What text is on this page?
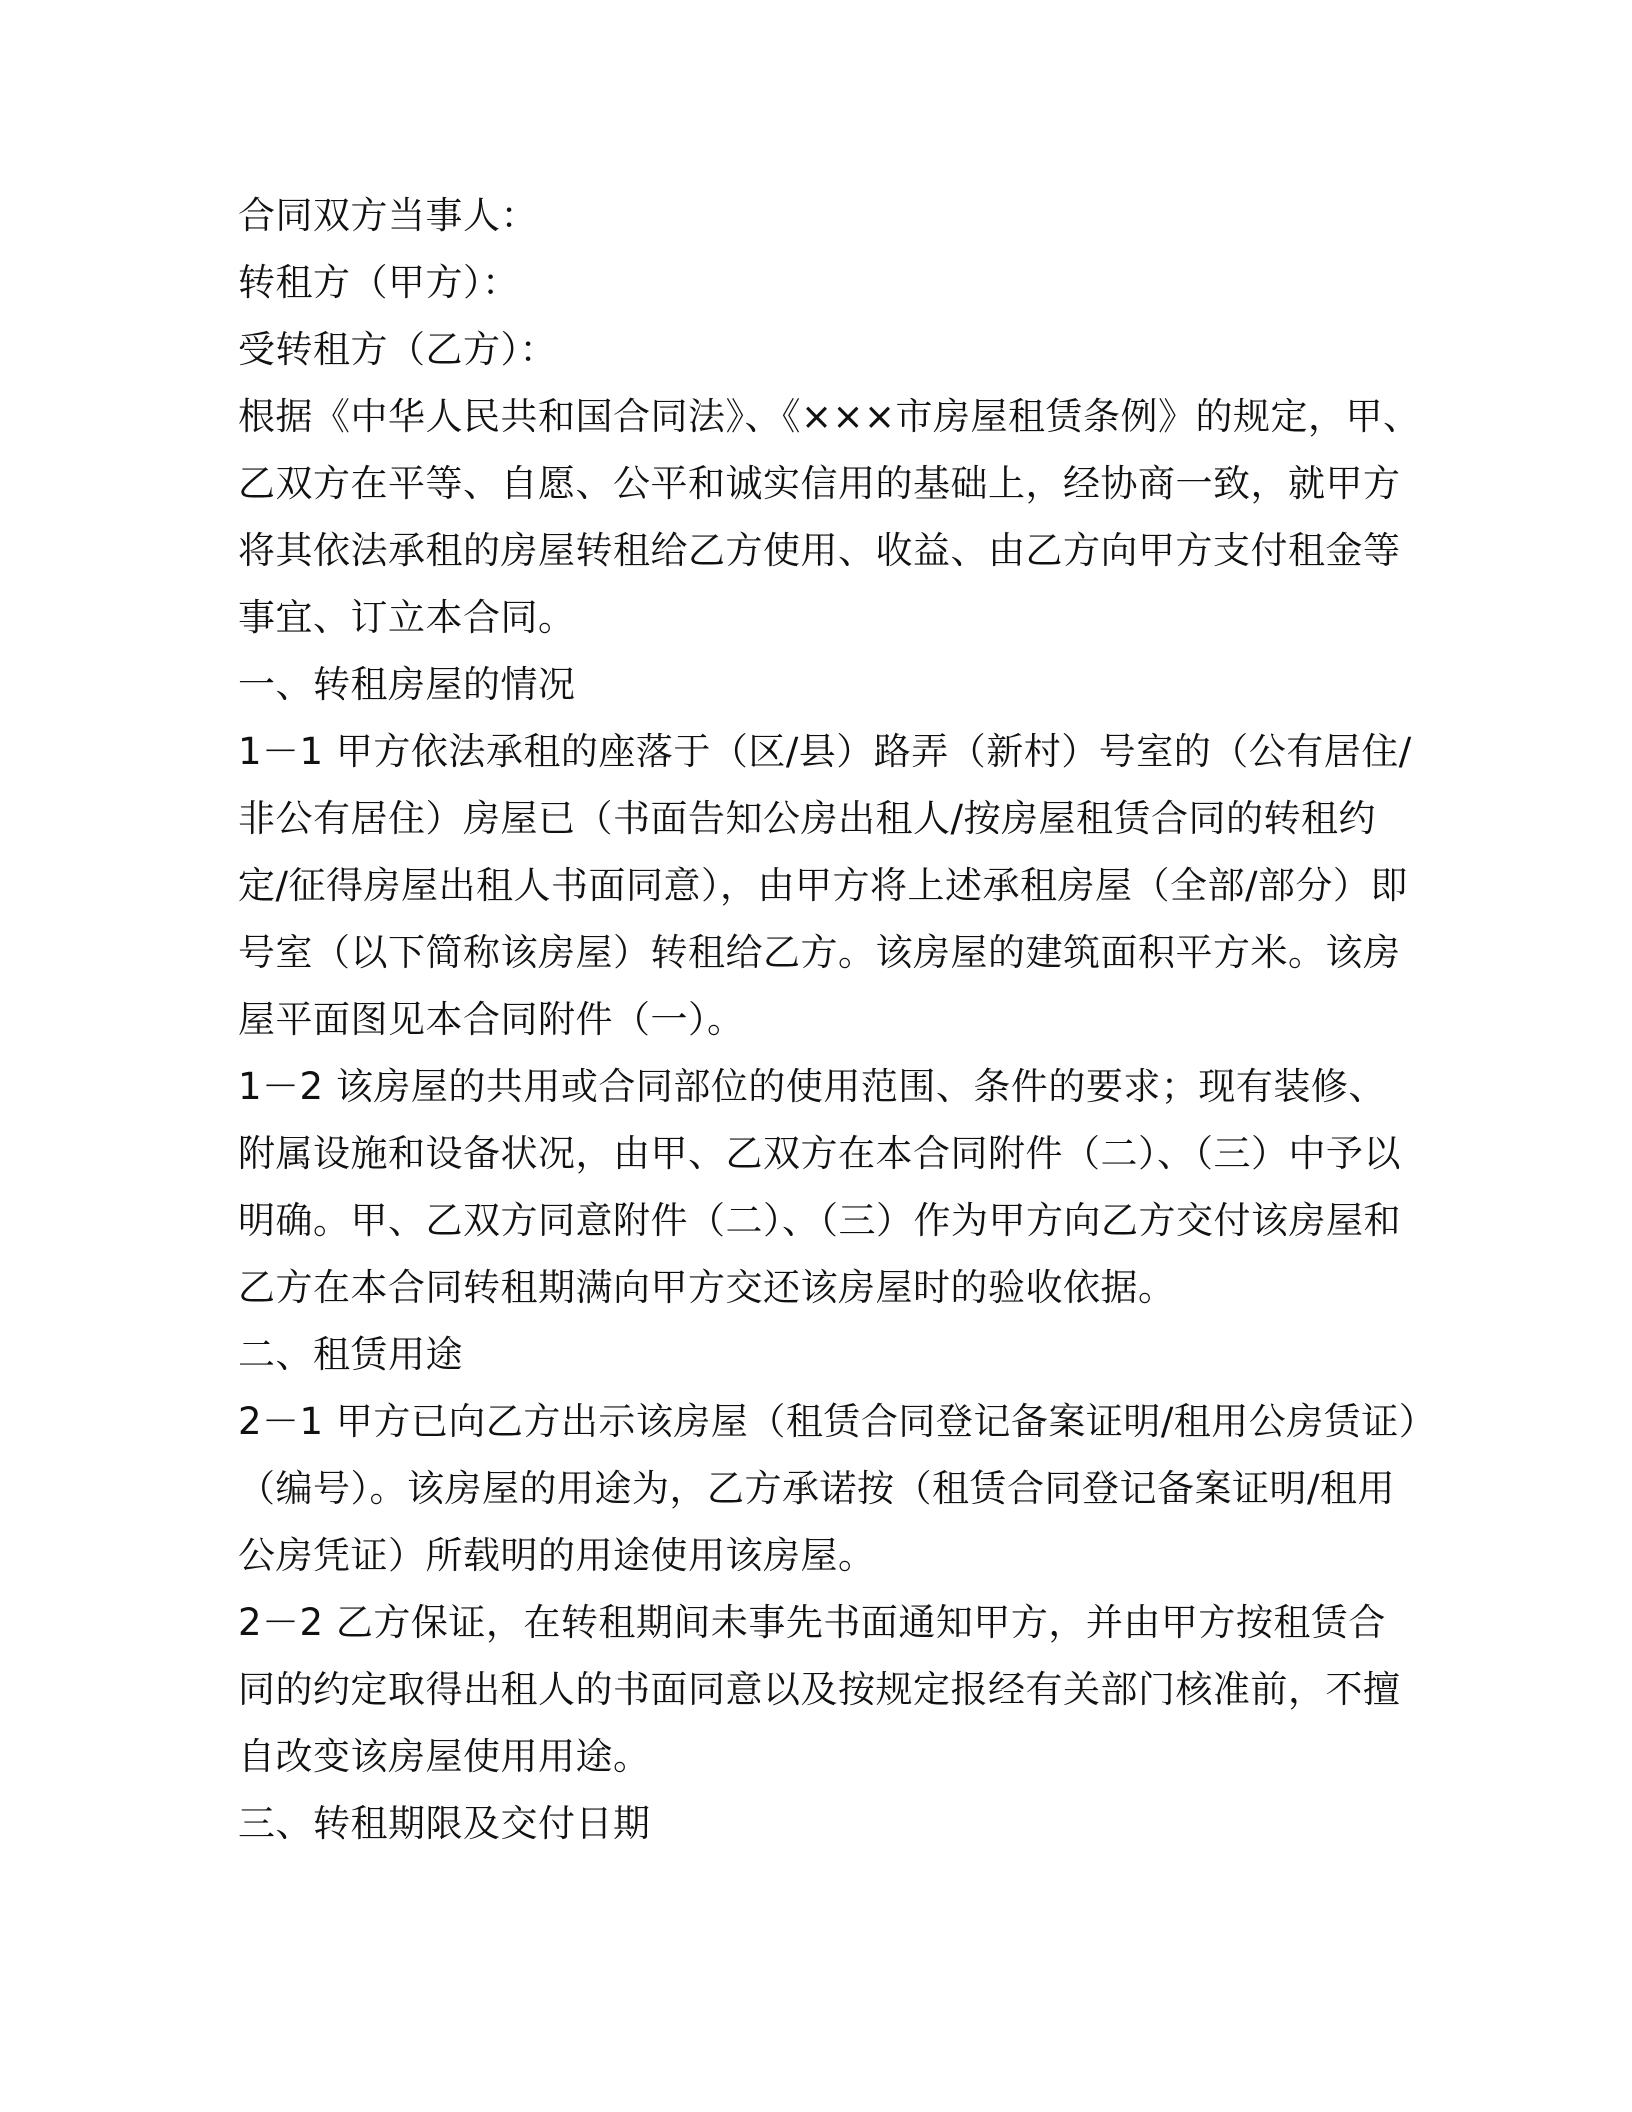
合同双方当事人：
转租方（甲方）：
受转租方（乙方）：
根据《中华人民共和国合同法》、《×××市房屋租赁条例》的规定，甲、
乙双方在平等、自愿、公平和诚实信用的基础上，经协商一致，就甲方
将其依法承租的房屋转租给乙方使用、收益、由乙方向甲方支付租金等
事宜、订立本合同。
一、转租房屋的情况
1－1 甲方依法承租的座落于（区/县）路弄（新村）号室的（公有居住/
非公有居住）房屋已（书面告知公房出租人/按房屋租赁合同的转租约
定/征得房屋出租人书面同意），由甲方将上述承租房屋（全部/部分）即
号室（以下简称该房屋）转租给乙方。该房屋的建筑面积平方米。该房
屋平面图见本合同附件（一）。
1－2 该房屋的共用或合同部位的使用范围、条件的要求；现有装修、
附属设施和设备状况，由甲、乙双方在本合同附件（二）、（三）中予以
明确。甲、乙双方同意附件（二）、（三）作为甲方向乙方交付该房屋和
乙方在本合同转租期满向甲方交还该房屋时的验收依据。
二、租赁用途
2－1 甲方已向乙方出示该房屋（租赁合同登记备案证明/租用公房赁证）
（编号）。该房屋的用途为，乙方承诺按（租赁合同登记备案证明/租用
公房凭证）所载明的用途使用该房屋。
2－2 乙方保证，在转租期间未事先书面通知甲方，并由甲方按租赁合
同的约定取得出租人的书面同意以及按规定报经有关部门核准前，不擅
自改变该房屋使用用途。
三、转租期限及交付日期
